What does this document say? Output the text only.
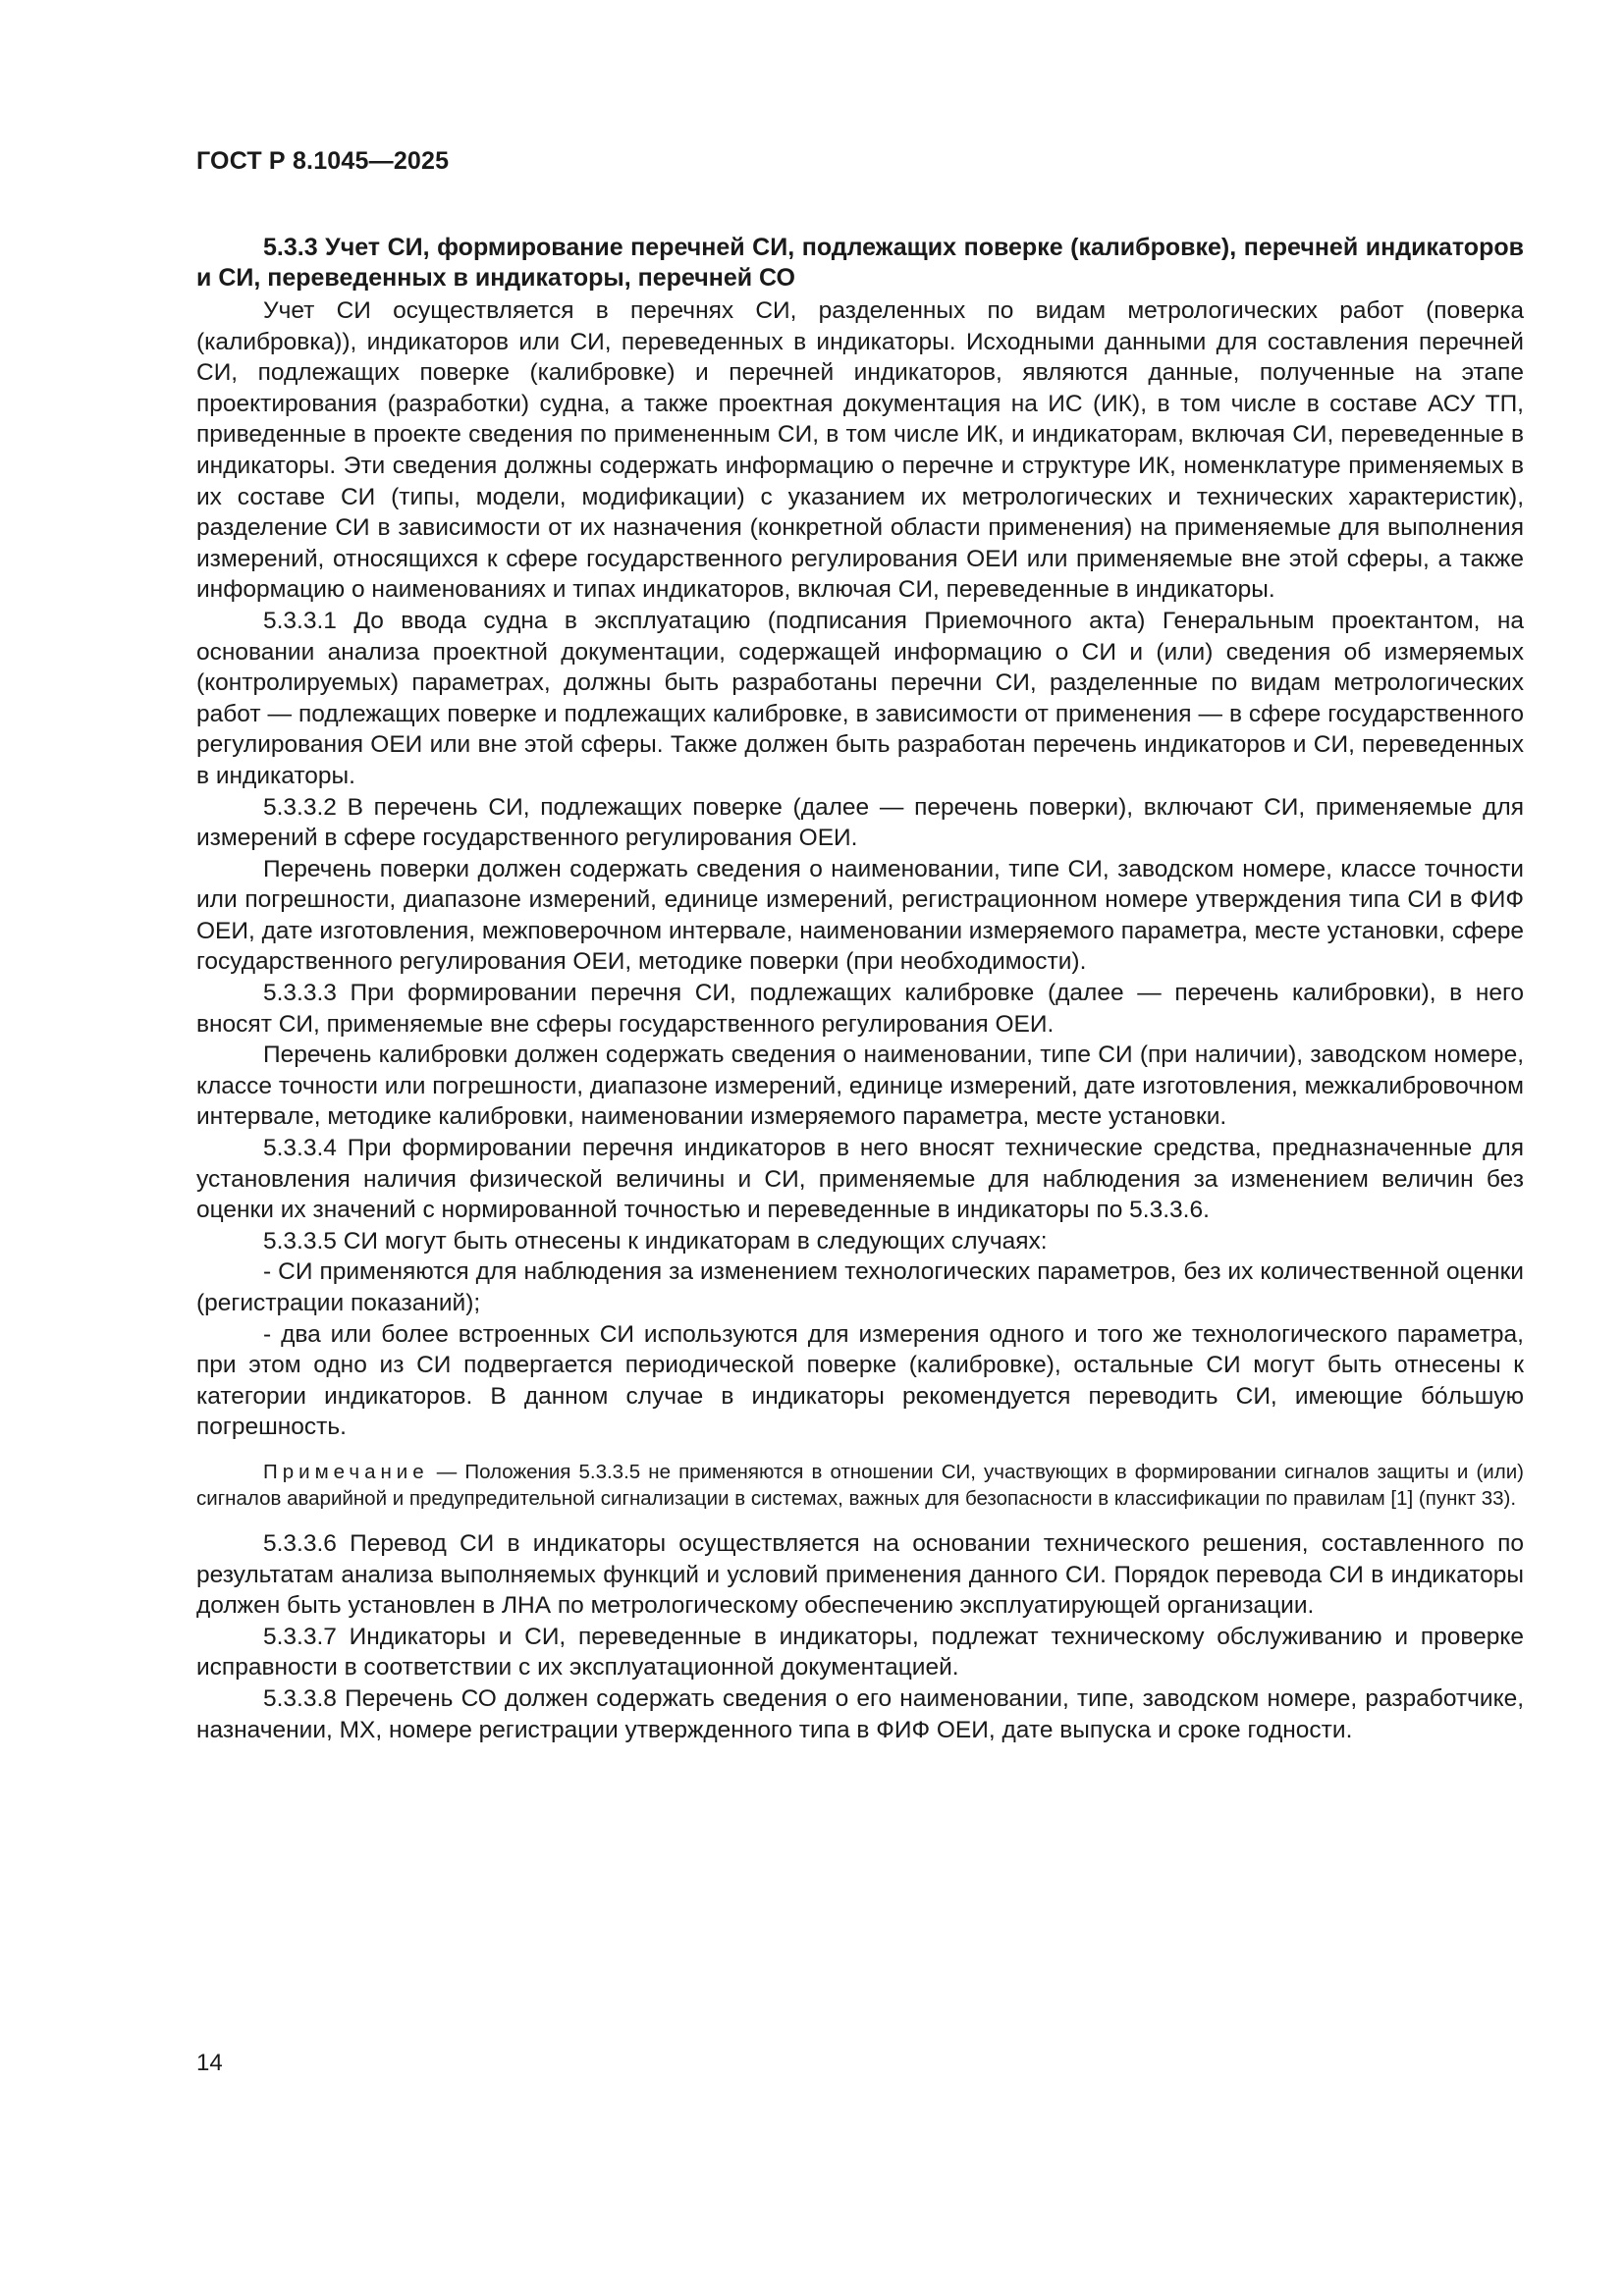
ГОСТ Р 8.1045—2025
5.3.3 Учет СИ, формирование перечней СИ, подлежащих поверке (калибровке), перечней индикаторов и СИ, переведенных в индикаторы, перечней СО

Учет СИ осуществляется в перечнях СИ, разделенных по видам метрологических работ (поверка (калибровка)), индикаторов или СИ, переведенных в индикаторы. Исходными данными для составления перечней СИ, подлежащих поверке (калибровке) и перечней индикаторов, являются данные, полученные на этапе проектирования (разработки) судна, а также проектная документация на ИС (ИК), в том числе в составе АСУ ТП, приведенные в проекте сведения по примененным СИ, в том числе ИК, и индикаторам, включая СИ, переведенные в индикаторы. Эти сведения должны содержать информацию о перечне и структуре ИК, номенклатуре применяемых в их составе СИ (типы, модели, модификации) с указанием их метрологических и технических характеристик), разделение СИ в зависимости от их назначения (конкретной области применения) на применяемые для выполнения измерений, относящихся к сфере государственного регулирования ОЕИ или применяемые вне этой сферы, а также информацию о наименованиях и типах индикаторов, включая СИ, переведенные в индикаторы.

5.3.3.1 До ввода судна в эксплуатацию (подписания Приемочного акта) Генеральным проектантом, на основании анализа проектной документации, содержащей информацию о СИ и (или) сведения об измеряемых (контролируемых) параметрах, должны быть разработаны перечни СИ, разделенные по видам метрологических работ — подлежащих поверке и подлежащих калибровке, в зависимости от применения — в сфере государственного регулирования ОЕИ или вне этой сферы. Также должен быть разработан перечень индикаторов и СИ, переведенных в индикаторы.

5.3.3.2 В перечень СИ, подлежащих поверке (далее — перечень поверки), включают СИ, применяемые для измерений в сфере государственного регулирования ОЕИ.

Перечень поверки должен содержать сведения о наименовании, типе СИ, заводском номере, классе точности или погрешности, диапазоне измерений, единице измерений, регистрационном номере утверждения типа СИ в ФИФ ОЕИ, дате изготовления, межповерочном интервале, наименовании измеряемого параметра, месте установки, сфере государственного регулирования ОЕИ, методике поверки (при необходимости).

5.3.3.3 При формировании перечня СИ, подлежащих калибровке (далее — перечень калибровки), в него вносят СИ, применяемые вне сферы государственного регулирования ОЕИ.

Перечень калибровки должен содержать сведения о наименовании, типе СИ (при наличии), заводском номере, классе точности или погрешности, диапазоне измерений, единице измерений, дате изготовления, межкалибровочном интервале, методике калибровки, наименовании измеряемого параметра, месте установки.

5.3.3.4 При формировании перечня индикаторов в него вносят технические средства, предназначенные для установления наличия физической величины и СИ, применяемые для наблюдения за изменением величин без оценки их значений с нормированной точностью и переведенные в индикаторы по 5.3.3.6.

5.3.3.5 СИ могут быть отнесены к индикаторам в следующих случаях:

- СИ применяются для наблюдения за изменением технологических параметров, без их количественной оценки (регистрации показаний);

- два или более встроенных СИ используются для измерения одного и того же технологического параметра, при этом одно из СИ подвергается периодической поверке (калибровке), остальные СИ могут быть отнесены к категории индикаторов. В данном случае в индикаторы рекомендуется переводить СИ, имеющие бо́льшую погрешность.

Примечание — Положения 5.3.3.5 не применяются в отношении СИ, участвующих в формировании сигналов защиты и (или) сигналов аварийной и предупредительной сигнализации в системах, важных для безопасности в классификации по правилам [1] (пункт 33).

5.3.3.6 Перевод СИ в индикаторы осуществляется на основании технического решения, составленного по результатам анализа выполняемых функций и условий применения данного СИ. Порядок перевода СИ в индикаторы должен быть установлен в ЛНА по метрологическому обеспечению эксплуатирующей организации.

5.3.3.7 Индикаторы и СИ, переведенные в индикаторы, подлежат техническому обслуживанию и проверке исправности в соответствии с их эксплуатационной документацией.

5.3.3.8 Перечень СО должен содержать сведения о его наименовании, типе, заводском номере, разработчике, назначении, МХ, номере регистрации утвержденного типа в ФИФ ОЕИ, дате выпуска и сроке годности.

14
